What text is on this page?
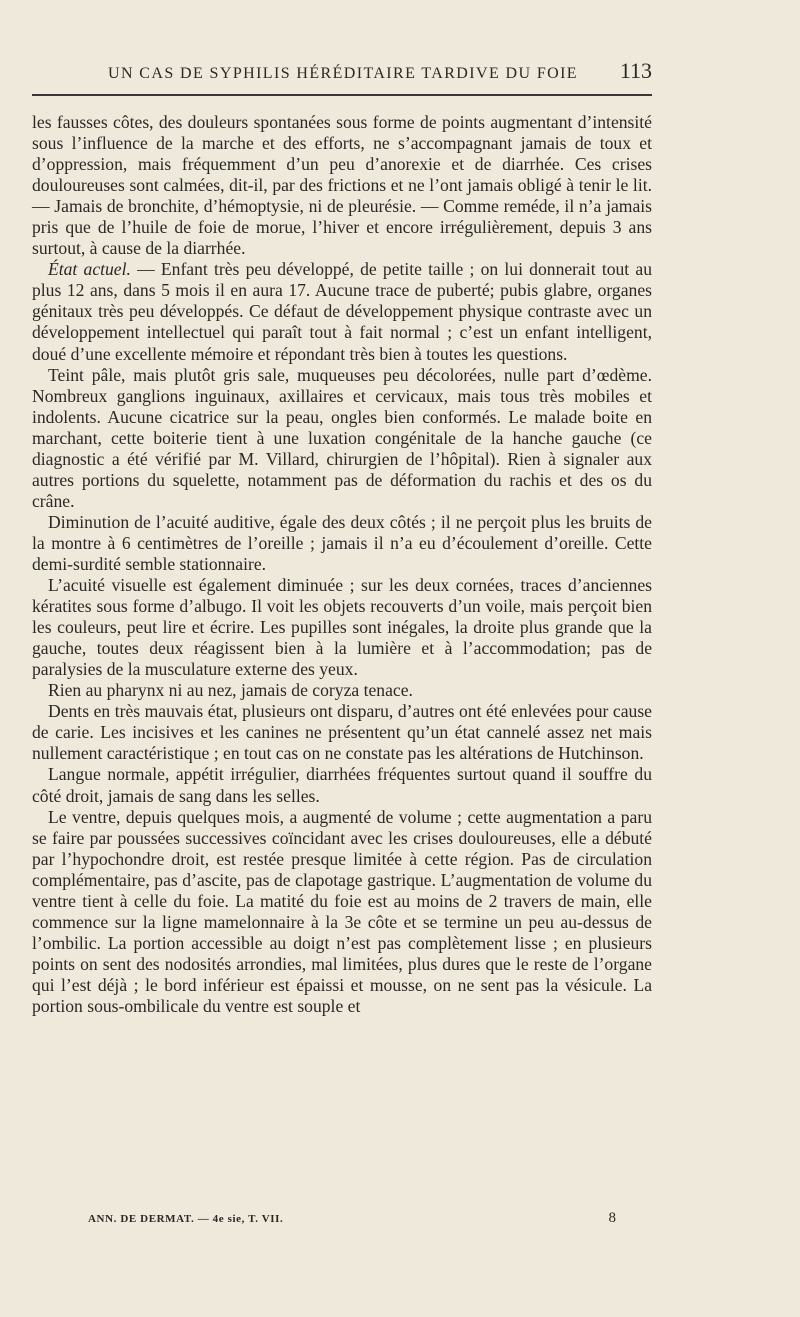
UN CAS DE SYPHILIS HÉRÉDITAIRE TARDIVE DU FOIE 113

les fausses côtes, des douleurs spontanées sous forme de points augmentant d’intensité sous l’influence de la marche et des efforts, ne s’accompagnant jamais de toux et d’oppression, mais fréquemment d’un peu d’anorexie et de diarrhée. Ces crises douloureuses sont calmées, dit-il, par des frictions et ne l’ont jamais obligé à tenir le lit. — Jamais de bronchite, d’hémoptysie, ni de pleurésie. — Comme reméde, il n’a jamais pris que de l’huile de foie de morue, l’hiver et encore irrégulièrement, depuis 3 ans surtout, à cause de la diarrhée.

État actuel. — Enfant très peu développé, de petite taille ; on lui donnerait tout au plus 12 ans, dans 5 mois il en aura 17. Aucune trace de puberté; pubis glabre, organes génitaux très peu développés. Ce défaut de développement physique contraste avec un développement intellectuel qui paraît tout à fait normal ; c’est un enfant intelligent, doué d’une excellente mémoire et répondant très bien à toutes les questions.

Teint pâle, mais plutôt gris sale, muqueuses peu décolorées, nulle part d’œdème. Nombreux ganglions inguinaux, axillaires et cervicaux, mais tous très mobiles et indolents. Aucune cicatrice sur la peau, ongles bien conformés. Le malade boite en marchant, cette boiterie tient à une luxation congénitale de la hanche gauche (ce diagnostic a été vérifié par M. Villard, chirurgien de l’hôpital). Rien à signaler aux autres portions du squelette, notamment pas de déformation du rachis et des os du crâne.

Diminution de l’acuité auditive, égale des deux côtés ; il ne perçoit plus les bruits de la montre à 6 centimètres de l’oreille ; jamais il n’a eu d’écoulement d’oreille. Cette demi-surdité semble stationnaire.

L’acuité visuelle est également diminuée ; sur les deux cornées, traces d’anciennes kératites sous forme d’albugo. Il voit les objets recouverts d’un voile, mais perçoit bien les couleurs, peut lire et écrire. Les pupilles sont inégales, la droite plus grande que la gauche, toutes deux réagissent bien à la lumière et à l’accommodation; pas de paralysies de la musculature externe des yeux.

Rien au pharynx ni au nez, jamais de coryza tenace.

Dents en très mauvais état, plusieurs ont disparu, d’autres ont été enlevées pour cause de carie. Les incisives et les canines ne présentent qu’un état cannelé assez net mais nullement caractéristique ; en tout cas on ne constate pas les altérations de Hutchinson.

Langue normale, appétit irrégulier, diarrhées fréquentes surtout quand il souffre du côté droit, jamais de sang dans les selles.

Le ventre, depuis quelques mois, a augmenté de volume ; cette augmentation a paru se faire par poussées successives coïncidant avec les crises douloureuses, elle a débuté par l’hypochondre droit, est restée presque limitée à cette région. Pas de circulation complémentaire, pas d’ascite, pas de clapotage gastrique. L’augmentation de volume du ventre tient à celle du foie. La matité du foie est au moins de 2 travers de main, elle commence sur la ligne mamelonnaire à la 3e côte et se termine un peu au-dessus de l’ombilic. La portion accessible au doigt n’est pas complètement lisse ; en plusieurs points on sent des nodosités arrondies, mal limitées, plus dures que le reste de l’organe qui l’est déjà ; le bord inférieur est épaissi et mousse, on ne sent pas la vésicule. La portion sous-ombilicale du ventre est souple et

ANN. DE DERMAT. — 4e sie, T. VII.	8
